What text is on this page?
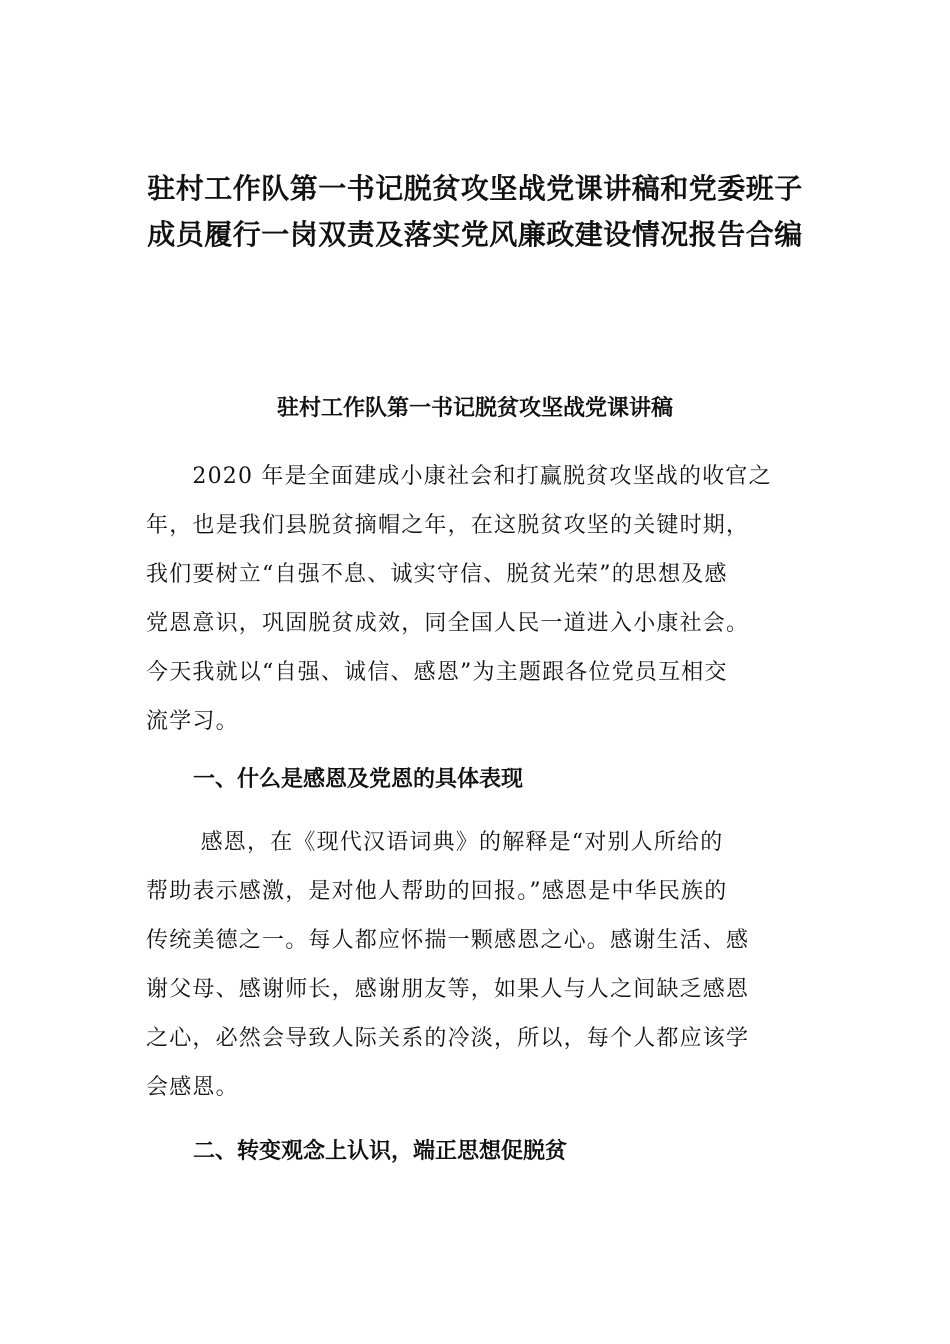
驻村工作队第一书记脱贫攻坚战党课讲稿和党委班子
成员履行一岗双责及落实党风廉政建设情况报告合编
驻村工作队第一书记脱贫攻坚战党课讲稿
　　2020 年是全面建成小康社会和打赢脱贫攻坚战的收官之
年，也是我们县脱贫摘帽之年，在这脱贫攻坚的关键时期，
我们要树立“自强不息、诚实守信、脱贫光荣”的思想及感
党恩意识，巩固脱贫成效，同全国人民一道进入小康社会。
今天我就以“自强、诚信、感恩”为主题跟各位党员互相交
流学习。
一、什么是感恩及党恩的具体表现
　　 感恩，在《现代汉语词典》的解释是“对别人所给的
帮助表示感激，是对他人帮助的回报。”感恩是中华民族的
传统美德之一。每人都应怀揣一颗感恩之心。感谢生活、感
谢父母、感谢师长，感谢朋友等，如果人与人之间缺乏感恩
之心，必然会导致人际关系的冷淡，所以，每个人都应该学
会感恩。
二、转变观念上认识，端正思想促脱贫
